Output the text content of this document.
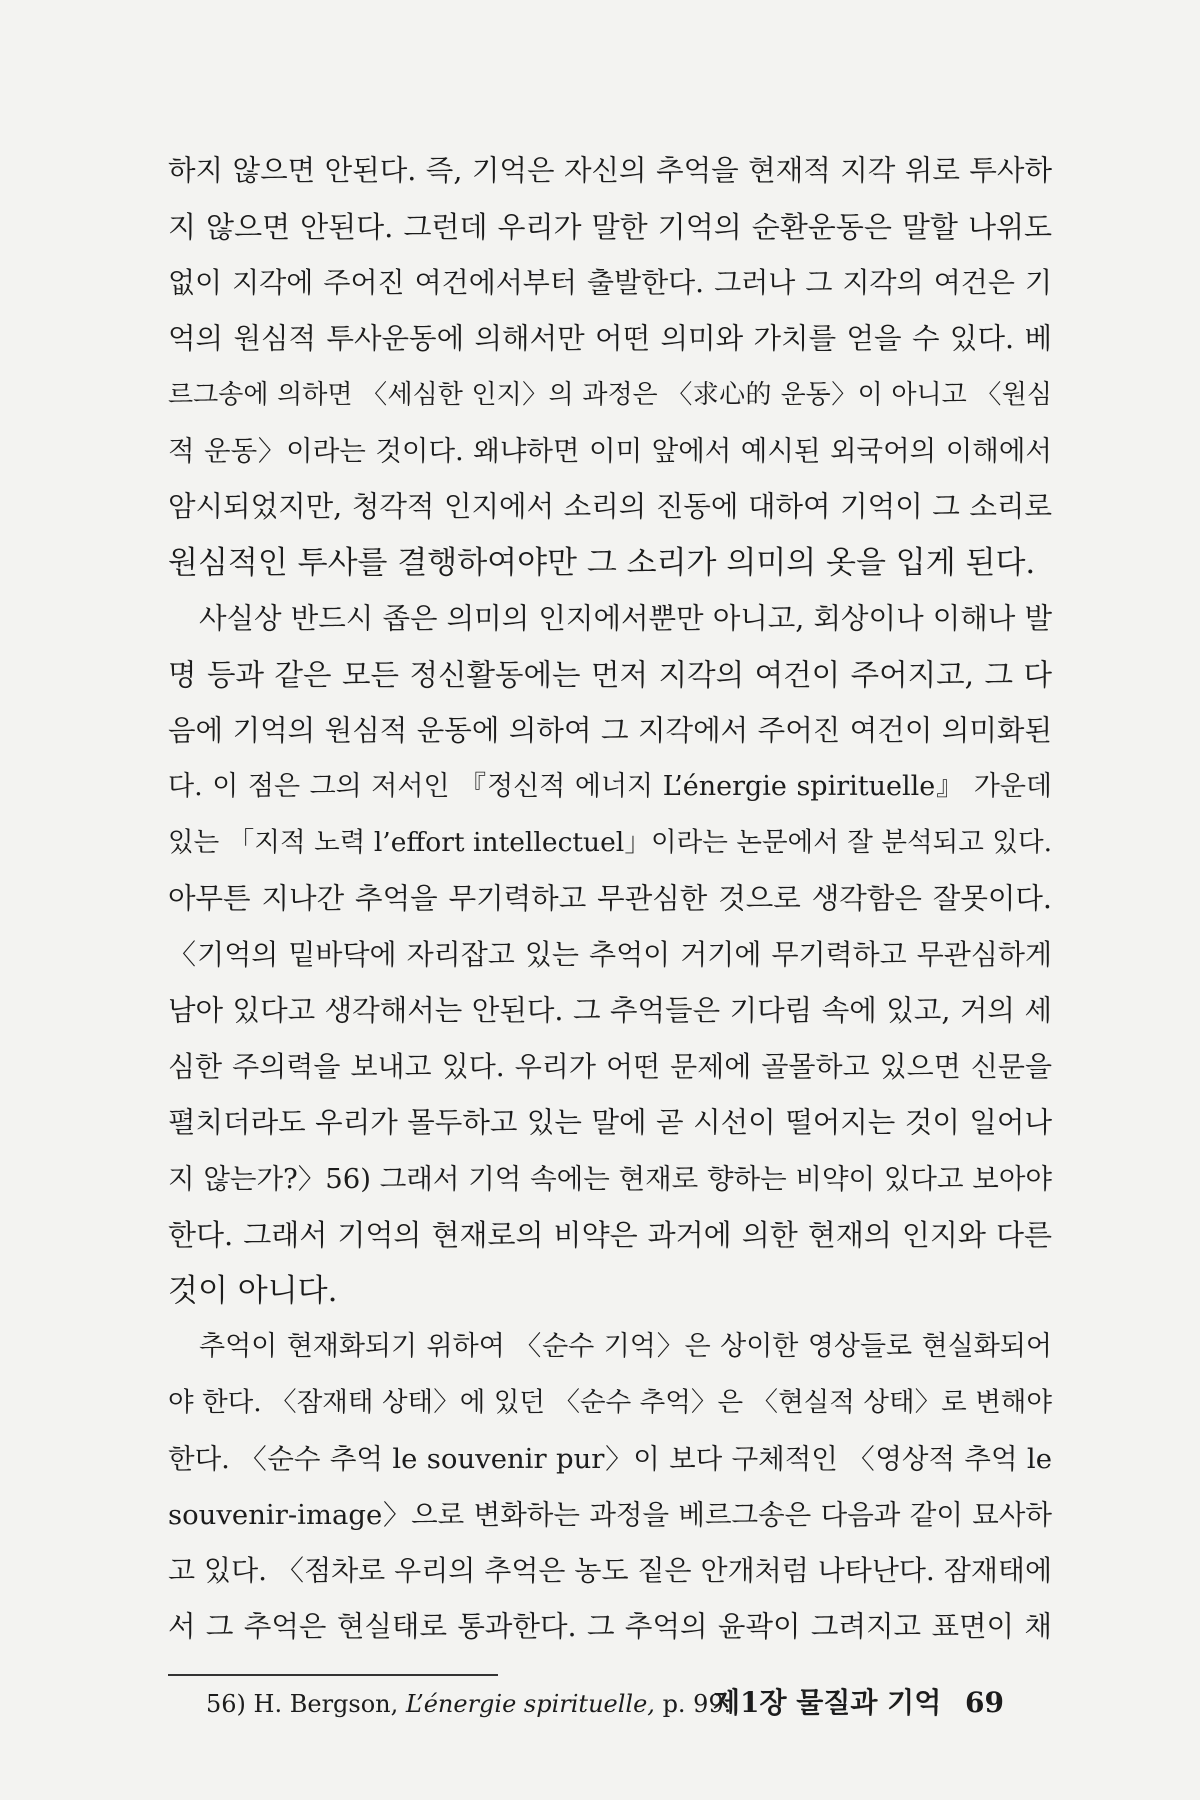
하지 않으면 안된다. 즉, 기억은 자신의 추억을 현재적 지각 위로 투사하
지 않으면 안된다. 그런데 우리가 말한 기억의 순환운동은 말할 나위도
없이 지각에 주어진 여건에서부터 출발한다. 그러나 그 지각의 여건은 기
억의 원심적 투사운동에 의해서만 어떤 의미와 가치를 얻을 수 있다. 베
르그송에 의하면 〈세심한 인지〉의 과정은 〈求心的 운동〉이 아니고 〈원심
적 운동〉이라는 것이다. 왜냐하면 이미 앞에서 예시된 외국어의 이해에서
암시되었지만, 청각적 인지에서 소리의 진동에 대하여 기억이 그 소리로
원심적인 투사를 결행하여야만 그 소리가 의미의 옷을 입게 된다.
사실상 반드시 좁은 의미의 인지에서뿐만 아니고, 회상이나 이해나 발
명 등과 같은 모든 정신활동에는 먼저 지각의 여건이 주어지고, 그 다
음에 기억의 원심적 운동에 의하여 그 지각에서 주어진 여건이 의미화된
다. 이 점은 그의 저서인 『정신적 에너지 L’énergie spirituelle』 가운데
있는 「지적 노력 l’effort intellectuel」이라는 논문에서 잘 분석되고 있다.
아무튼 지나간 추억을 무기력하고 무관심한 것으로 생각함은 잘못이다.
〈기억의 밑바닥에 자리잡고 있는 추억이 거기에 무기력하고 무관심하게
남아 있다고 생각해서는 안된다. 그 추억들은 기다림 속에 있고, 거의 세
심한 주의력을 보내고 있다. 우리가 어떤 문제에 골몰하고 있으면 신문을
펼치더라도 우리가 몰두하고 있는 말에 곧 시선이 떨어지는 것이 일어나
지 않는가?〉56) 그래서 기억 속에는 현재로 향하는 비약이 있다고 보아야
한다. 그래서 기억의 현재로의 비약은 과거에 의한 현재의 인지와 다른
것이 아니다.
추억이 현재화되기 위하여 〈순수 기억〉은 상이한 영상들로 현실화되어
야 한다. 〈잠재태 상태〉에 있던 〈순수 추억〉은 〈현실적 상태〉로 변해야
한다. 〈순수 추억 le souvenir pur〉이 보다 구체적인 〈영상적 추억 le
souvenir-image〉으로 변화하는 과정을 베르그송은 다음과 같이 묘사하
고 있다. 〈점차로 우리의 추억은 농도 짙은 안개처럼 나타난다. 잠재태에
서 그 추억은 현실태로 통과한다. 그 추억의 윤곽이 그려지고 표면이 채
56) H. Bergson, L’énergie spirituelle, p. 99.
제1장 물질과 기억 69
